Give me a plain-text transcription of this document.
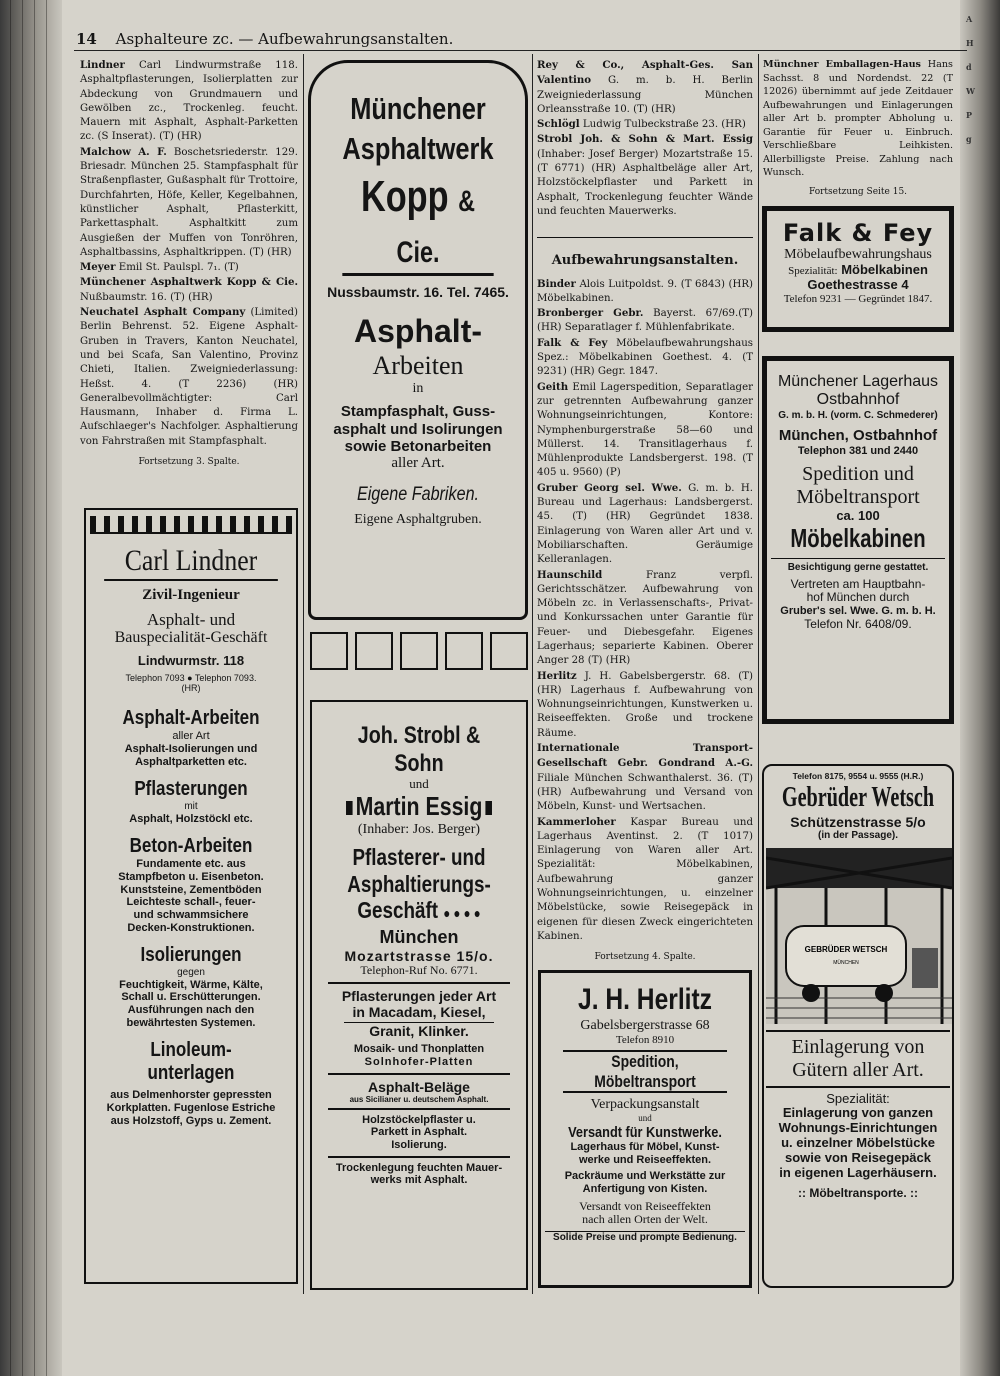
A
H
d
W
P
g
14 Asphalteure zc. — Aufbewahrungsanstalten.

Lindner Carl Lindwurmstraße 118. Asphaltpflasterungen, Isolierplatten zur Abdeckung von Grundmauern und Gewölben zc., Trockenleg. feucht. Mauern mit Asphalt, Asphalt-Parketten zc. (S Inserat). (T) (HR)

Malchow A. F. Boschetsriederstr. 129. Briesadr. München 25. Stampfasphalt für Straßenpflaster, Gußasphalt für Trottoire, Durchfahrten, Höfe, Keller, Kegelbahnen, künstlicher Asphalt, Pflasterkitt, Parkettasphalt. Asphaltkitt zum Ausgießen der Muffen von Tonröhren, Asphaltbassins, Asphaltkrippen. (T) (HR)

Meyer Emil St. Paulspl. 7₁. (T)

Münchener Asphaltwerk Kopp & Cie. Nußbaumstr. 16. (T) (HR)

Neuchatel Asphalt Company (Limited) Berlin Behrenst. 52. Eigene Asphalt-Gruben in Travers, Kanton Neuchatel, und bei Scafa, San Valentino, Provinz Chieti, Italien. Zweigniederlassung: Heßst. 4. (T 2236) (HR) Generalbevollmächtigter: Carl Hausmann, Inhaber d. Firma L. Aufschlaeger's Nachfolger. Asphaltierung von Fahrstraßen mit Stampfasphalt.

Fortsetzung 3. Spalte.
Münchener
Asphaltwerk
Kopp & Cie.
Nussbaumstr. 16. Tel. 7465.
Asphalt-
Arbeiten
in
Stampfasphalt, Guss-
asphalt und Isolirungen
sowie Betonarbeiten
aller Art.
Eigene Fabriken.
Eigene Asphaltgruben.
Carl Lindner
Zivil-Ingenieur
Asphalt- und
Bauspecialität-Geschäft
Lindwurmstr. 118
Telephon 7093 ● Telephon 7093.
(HR)
Asphalt-Arbeiten
aller Art
Asphalt-Isolierungen und
Asphaltparketten etc.
Pflasterungen
mit
Asphalt, Holzstöckl etc.
Beton-Arbeiten
Fundamente etc. aus
Stampfbeton u. Eisenbeton.
Kunststeine, Zementböden
Leichteste schall-, feuer-
und schwammsichere
Decken-Konstruktionen.
Isolierungen
gegen
Feuchtigkeit, Wärme, Kälte,
Schall u. Erschütterungen.
Ausführungen nach den
bewährtesten Systemen.
Linoleum-
unterlagen
aus Delmenhorster gepressten
Korkplatten. Fugenlose Estriche
aus Holzstoff, Gyps u. Zement.
Joh. Strobl & Sohn
und
Martin Essig
(Inhaber: Jos. Berger)
Pflasterer- und
Asphaltierungs-
Geschäft ● ● ● ●
München
Mozartstrasse 15/o.
Telephon-Ruf No. 6771.
Pflasterungen jeder Art
in Macadam, Kiesel,
Granit, Klinker.
Mosaik- und Thonplatten
Solnhofer-Platten
Asphalt-Beläge
aus Sicilianer u. deutschem Asphalt.
Holzstöckelpflaster u.
Parkett in Asphalt.
Isolierung.
Trockenlegung feuchten Mauer-
werks mit Asphalt.

Rey & Co., Asphalt-Ges. San Valentino G. m. b. H. Berlin Zweigniederlassung München Orleansstraße 10. (T) (HR)

Schlögl Ludwig Tulbeckstraße 23. (HR)

Strobl Joh. & Sohn & Mart. Essig (Inhaber: Josef Berger) Mozartstraße 15. (T 6771) (HR) Asphaltbeläge aller Art, Holzstöckelpflaster und Parkett in Asphalt, Trockenlegung feuchter Wände und feuchten Mauerwerks.

Aufbewahrungsanstalten.

Binder Alois Luitpoldst. 9. (T 6843) (HR) Möbelkabinen.

Bronberger Gebr. Bayerst. 67/69.(T) (HR) Separatlager f. Mühlenfabrikate.

Falk & Fey Möbelaufbewahrungshaus Spez.: Möbelkabinen Goethest. 4. (T 9231) (HR) Gegr. 1847.

Geith Emil Lagerspedition, Separatlager zur getrennten Aufbewahrung ganzer Wohnungseinrichtungen, Kontore: Nymphenburgerstraße 58—60 und Müllerst. 14. Transitlagerhaus f. Mühlenprodukte Landsbergerst. 198. (T 405 u. 9560) (P)

Gruber Georg sel. Wwe. G. m. b. H. Bureau und Lagerhaus: Landsbergerst. 45. (T) (HR) Gegründet 1838. Einlagerung von Waren aller Art und v. Mobiliarschaften. Geräumige Kelleranlagen.

Haunschild	Franz verpfl. Gerichtsschätzer. Aufbewahrung von Möbeln zc. in Verlassenschafts-, Privat- und Konkurssachen unter Garantie für Feuer- und Diebesgefahr. Eigenes Lagerhaus; separierte Kabinen. Oberer Anger 28 (T) (HR)

Herlitz J. H. Gabelsbergerstr. 68. (T) (HR) Lagerhaus f. Aufbewahrung von Wohnungseinrichtungen, Kunstwerken u. Reiseeffekten. Große und trockene Räume.

Internationale Transport-Gesellschaft Gebr. Gondrand A.-G. Filiale München Schwanthalerst. 36. (T) (HR) Aufbewahrung und Versand von Möbeln, Kunst- und Wertsachen.

Kammerloher Kaspar Bureau und Lagerhaus Aventinst. 2. (T 1017) Einlagerung von Waren aller Art. Spezialität: Möbelkabinen, Aufbewahrung ganzer Wohnungseinrichtungen, u. einzelner Möbelstücke, sowie Reisegepäck in eigenen für diesen Zweck eingerichteten Kabinen.

Fortsetzung 4. Spalte.
J. H. Herlitz
Gabelsbergerstrasse 68
Telefon 8910
Spedition, Möbeltransport
Verpackungsanstalt
und
Versandt für Kunstwerke.
Lagerhaus für Möbel, Kunst-
werke und Reiseeffekten.
Packräume und Werkstätte zur
Anfertigung von Kisten.
Versandt von Reiseeffekten
nach allen Orten der Welt.
Solide Preise und prompte Bedienung.

Münchner Emballagen-Haus Hans Sachsst. 8 und Nordendst. 22 (T 12026) übernimmt auf jede Zeitdauer Aufbewahrungen und Einlagerungen aller Art b. prompter Abholung u. Garantie für Feuer u. Einbruch. Verschließbare Leihkisten. Allerbilligste Preise. Zahlung nach Wunsch.

Fortsetzung Seite 15.
Falk & Fey
Möbelaufbewahrungshaus
Spezialität: Möbelkabinen
Goethestrasse 4
Telefon 9231 — Gegründet 1847.
Münchener Lagerhaus
Ostbahnhof
G. m. b. H. (vorm. C. Schmederer)
München, Ostbahnhof
Telephon 381 und 2440
Spedition und
Möbeltransport
ca. 100
Möbelkabinen
Besichtigung gerne gestattet.
Vertreten am Hauptbahn-
hof München durch
Gruber's sel. Wwe. G. m. b. H.
Telefon Nr. 6408/09.
Telefon 8175, 9554 u. 9555 (H.R.)
Gebrüder Wetsch
Schützenstrasse 5/o
(in der Passage).
GEBRÜDER WETSCH
MÜNCHEN
Einlagerung von
Gütern aller Art.
Spezialität:
Einlagerung von ganzen
Wohnungs-Einrichtungen
u. einzelner Möbelstücke
sowie von Reisegepäck
in eigenen Lagerhäusern.
:: Möbeltransporte. ::
